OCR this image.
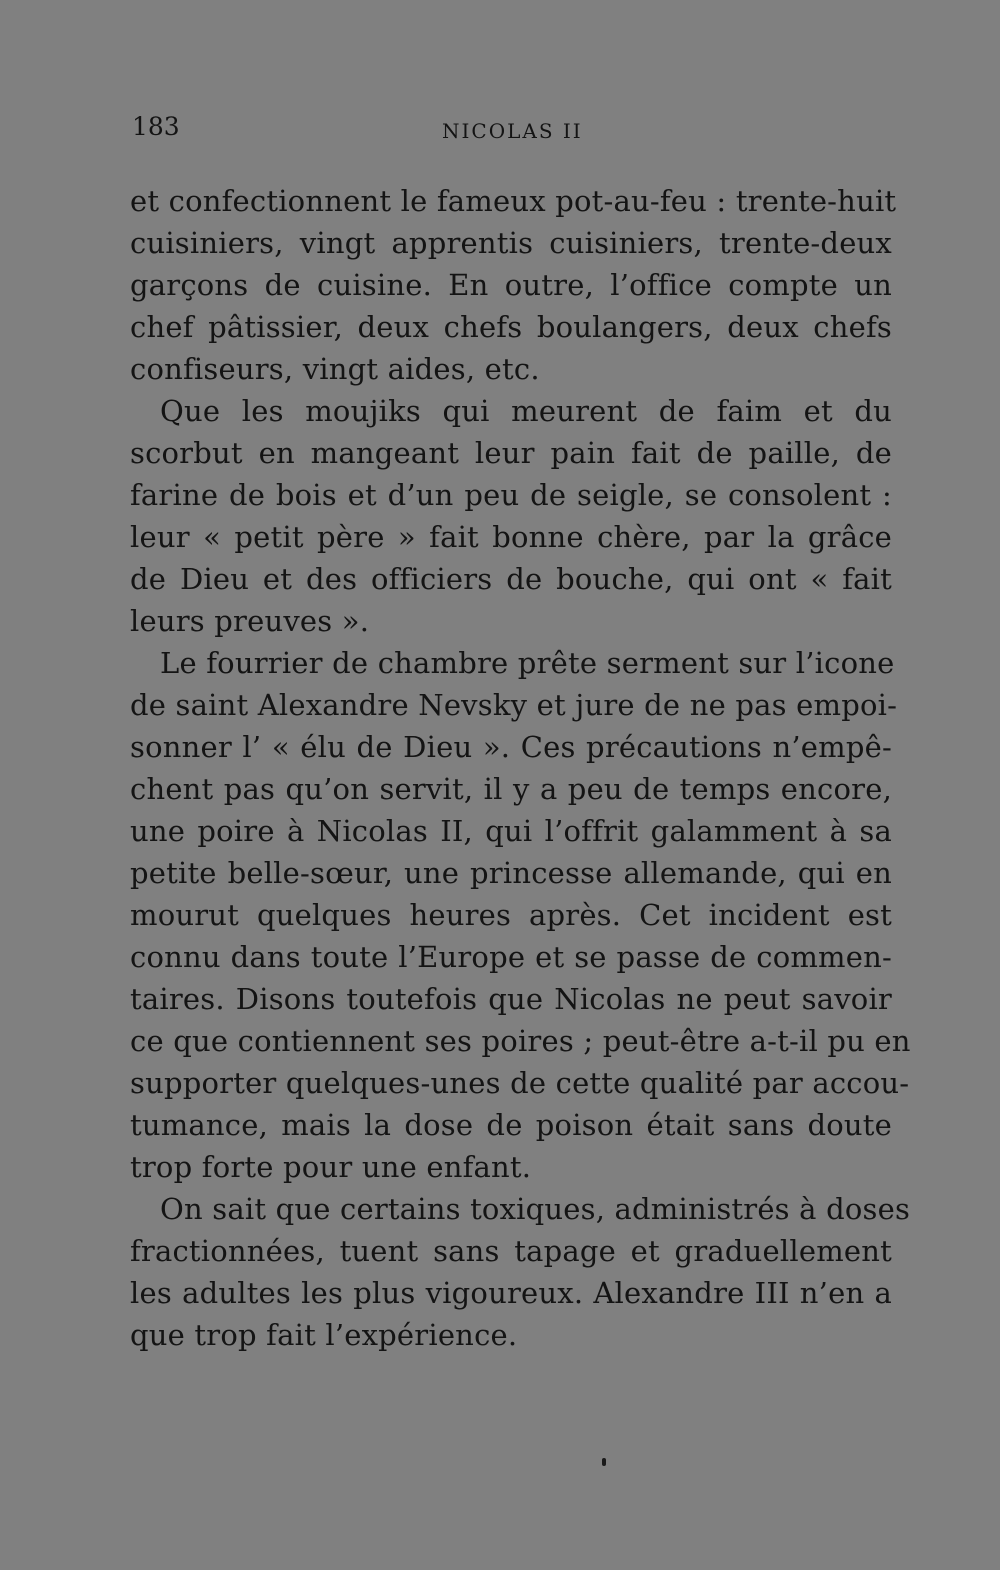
183	NICOLAS II

et confectionnent le fameux pot-au-feu : trente-huit
cuisiniers, vingt apprentis cuisiniers, trente-deux
garçons de cuisine. En outre, l’office compte un
chef pâtissier, deux chefs boulangers, deux chefs
confiseurs, vingt aides, etc.

Que les moujiks qui meurent de faim et du
scorbut en mangeant leur pain fait de paille, de
farine de bois et d’un peu de seigle, se consolent :
leur « petit père » fait bonne chère, par la grâce
de Dieu et des officiers de bouche, qui ont « fait
leurs preuves ».

Le fourrier de chambre prête serment sur l’icone
de saint Alexandre Nevsky et jure de ne pas empoi-
sonner l’ « élu de Dieu ». Ces précautions n’empê-
chent pas qu’on servit, il y a peu de temps encore,
une poire à Nicolas II, qui l’offrit galamment à sa
petite belle-sœur, une princesse allemande, qui en
mourut quelques heures après. Cet incident est
connu dans toute l’Europe et se passe de commen-
taires. Disons toutefois que Nicolas ne peut savoir
ce que contiennent ses poires ; peut-être a-t-il pu en
supporter quelques-unes de cette qualité par accou-
tumance, mais la dose de poison était sans doute
trop forte pour une enfant.

On sait que certains toxiques, administrés à doses
fractionnées, tuent sans tapage et graduellement
les adultes les plus vigoureux. Alexandre III n’en a
que trop fait l’expérience.
